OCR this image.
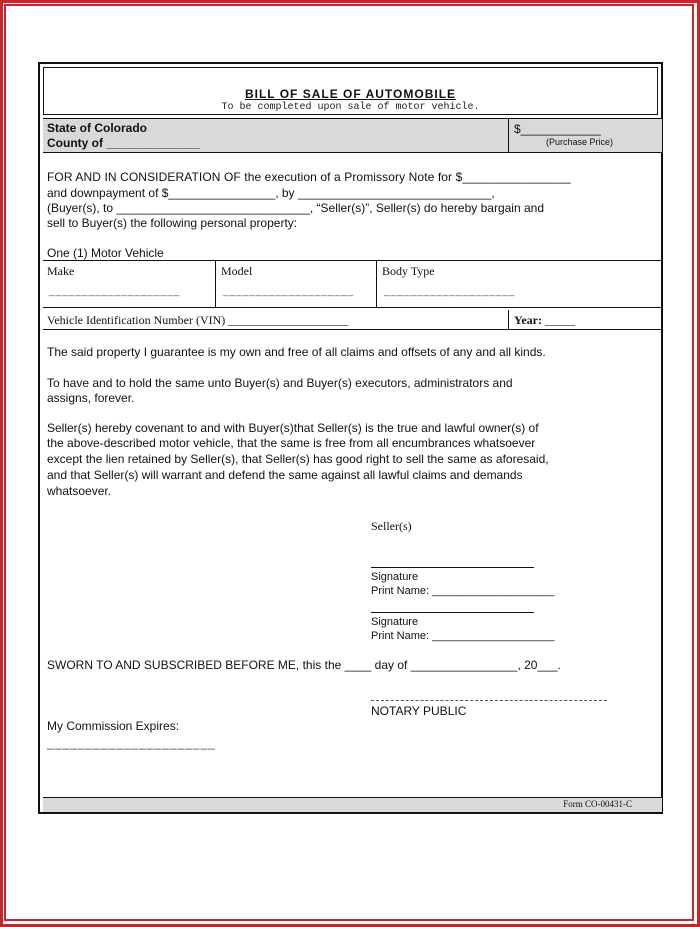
BILL OF SALE OF AUTOMOBILE
To be completed upon sale of motor vehicle.
State of Colorado
County of ______________
$____________
(Purchase Price)
FOR AND IN CONSIDERATION OF the execution of a Promissory Note for $________________
and downpayment of $________________, by _____________________________,
(Buyer(s), to _____________________________, “Seller(s)”, Seller(s) do hereby bargain and
sell to Buyer(s) the following personal property:
One (1) Motor Vehicle
Make
____________________
Model
____________________
Body Type
____________________
Vehicle Identification Number (VIN) ____________________	Year: _____
The said property I guarantee is my own and free of all claims and offsets of any and all kinds.
To have and to hold the same unto Buyer(s) and Buyer(s) executors, administrators and
assigns, forever.
Seller(s) hereby covenant to and with Buyer(s)that Seller(s) is the true and lawful owner(s) of
the above-described motor vehicle, that the same is free from all encumbrances whatsoever
except the lien retained by Seller(s), that Seller(s) has good right to sell the same as aforesaid,
and that Seller(s) will warrant and defend the same against all lawful claims and demands
whatsoever.
Seller(s)
Signature
Print Name: ____________________
Signature
Print Name: ____________________
SWORN TO AND SUBSCRIBED BEFORE ME, this the ____ day of ________________, 20___.
NOTARY PUBLIC
My Commission Expires:
______________________
Form CO-00431-C
